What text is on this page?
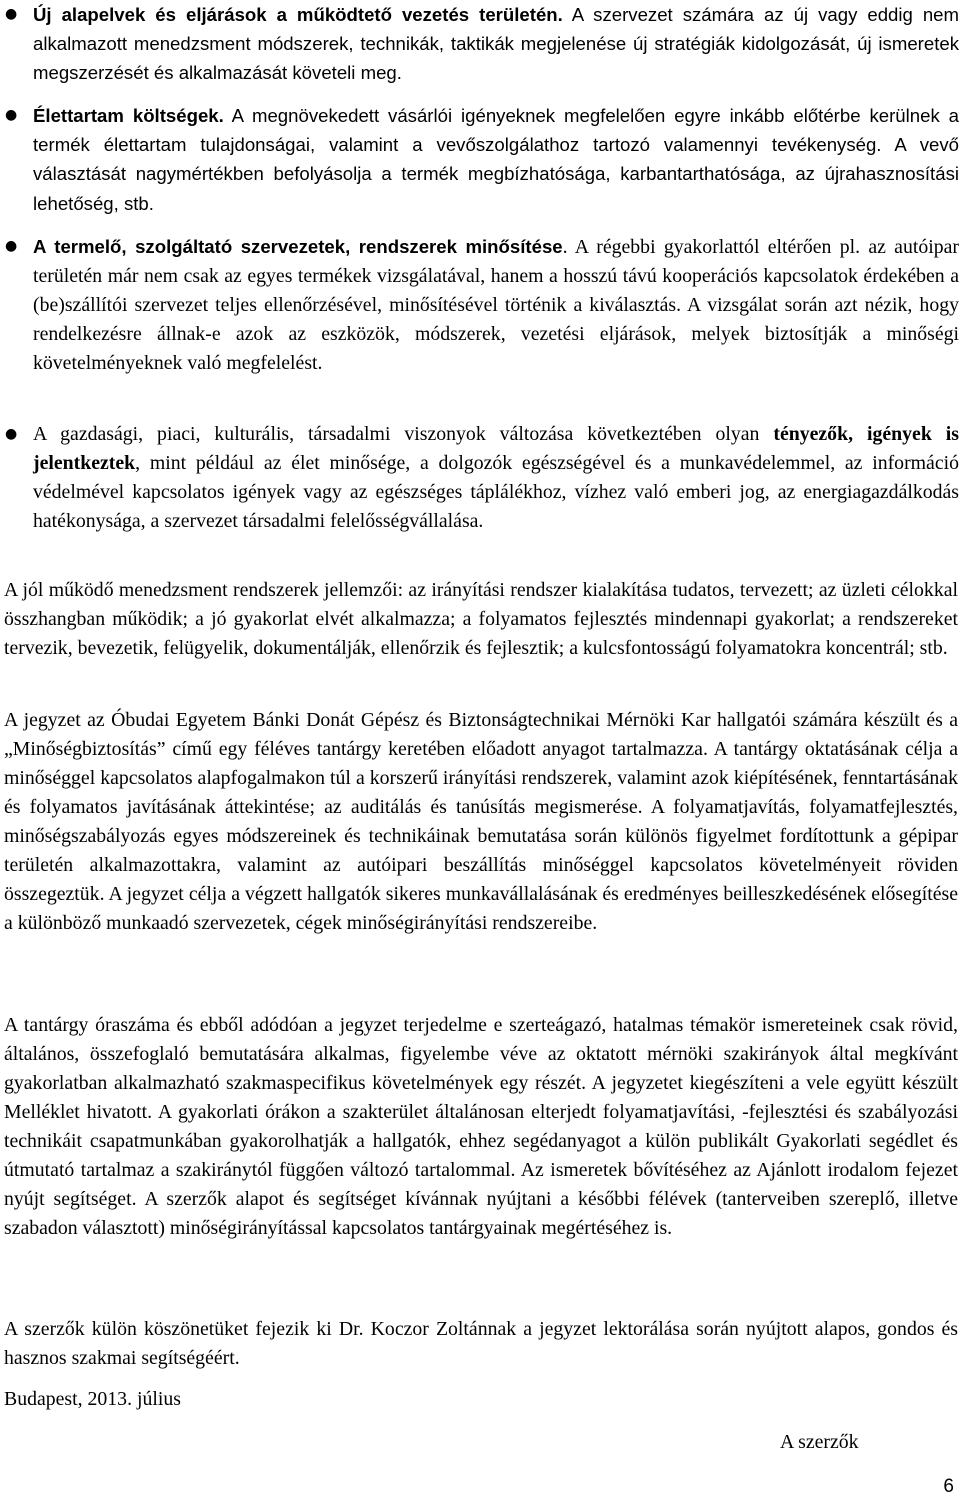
● Új alapelvek és eljárások a működtető vezetés területén. A szervezet számára az új vagy eddig nem alkalmazott menedzsment módszerek, technikák, taktikák megjelenése új stratégiák kidolgozását, új ismeretek megszerzését és alkalmazását követeli meg.
● Élettartam költségek. A megnövekedett vásárlói igényeknek megfelelően egyre inkább előtérbe kerülnek a termék élettartam tulajdonságai, valamint a vevőszolgálathoz tartozó valamennyi tevékenység. A vevő választását nagymértékben befolyásolja a termék megbízhatósága, karbantarthatósága, az újrahasznosítási lehetőség, stb.
● A termelő, szolgáltató szervezetek, rendszerek minősítése. A régebbi gyakorlattól eltérően pl. az autóipar területén már nem csak az egyes termékek vizsgálatával, hanem a hosszú távú kooperációs kapcsolatok érdekében a (be)szállítói szervezet teljes ellenőrzésével, minősítésével történik a kiválasztás. A vizsgálat során azt nézik, hogy rendelkezésre állnak-e azok az eszközök, módszerek, vezetési eljárások, melyek biztosítják a minőségi követelményeknek való megfelelést.
● A gazdasági, piaci, kulturális, társadalmi viszonyok változása következtében olyan tényezők, igények is jelentkeztek, mint például az élet minősége, a dolgozók egészségével és a munkavédelemmel, az információ védelmével kapcsolatos igények vagy az egészséges táplálékhoz, vízhez való emberi jog, az energiagazdálkodás hatékonysága, a szervezet társadalmi felelősségvállalása.

A jól működő menedzsment rendszerek jellemzői: az irányítási rendszer kialakítása tudatos, tervezett; az üzleti célokkal összhangban működik; a jó gyakorlat elvét alkalmazza; a folyamatos fejlesztés mindennapi gyakorlat; a rendszereket tervezik, bevezetik, felügyelik, dokumentálják, ellenőrzik és fejlesztik; a kulcsfontosságú folyamatokra koncentrál; stb.

A jegyzet az Óbudai Egyetem Bánki Donát Gépész és Biztonságtechnikai Mérnöki Kar hallgatói számára készült és a „Minőségbiztosítás” című egy féléves tantárgy keretében előadott anyagot tartalmazza. A tantárgy oktatásának célja a minőséggel kapcsolatos alapfogalmakon túl a korszerű irányítási rendszerek, valamint azok kiépítésének, fenntartásának és folyamatos javításának áttekintése; az auditálás és tanúsítás megismerése. A folyamatjavítás, folyamatfejlesztés, minőségszabályozás egyes módszereinek és technikáinak bemutatása során különös figyelmet fordítottunk a gépipar területén alkalmazottakra, valamint az autóipari beszállítás minőséggel kapcsolatos követelményeit röviden összegeztük. A jegyzet célja a végzett hallgatók sikeres munkavállalásának és eredményes beilleszkedésének elősegítése a különböző munkaadó szervezetek, cégek minőségirányítási rendszereibe.

A tantárgy óraszáma és ebből adódóan a jegyzet terjedelme e szerteágazó, hatalmas témakör ismereteinek csak rövid, általános, összefoglaló bemutatására alkalmas, figyelembe véve az oktatott mérnöki szakirányok által megkívánt gyakorlatban alkalmazható szakmaspecifikus követelmények egy részét. A jegyzetet kiegészíteni a vele együtt készült Melléklet hivatott. A gyakorlati órákon a szakterület általánosan elterjedt folyamatjavítási, -fejlesztési és szabályozási technikáit csapatmunkában gyakorolhatják a hallgatók, ehhez segédanyagot a külön publikált Gyakorlati segédlet és útmutató tartalmaz a szakiránytól függően változó tartalommal. Az ismeretek bővítéséhez az Ajánlott irodalom fejezet nyújt segítséget. A szerzők alapot és segítséget kívánnak nyújtani a későbbi félévek (tanterveiben szereplő, illetve szabadon választott) minőségirányítással kapcsolatos tantárgyainak megértéséhez is.

A szerzők külön köszönetüket fejezik ki Dr. Koczor Zoltánnak a jegyzet lektorálása során nyújtott alapos, gondos és hasznos szakmai segítségéért.

Budapest, 2013. július

A szerzők

6
